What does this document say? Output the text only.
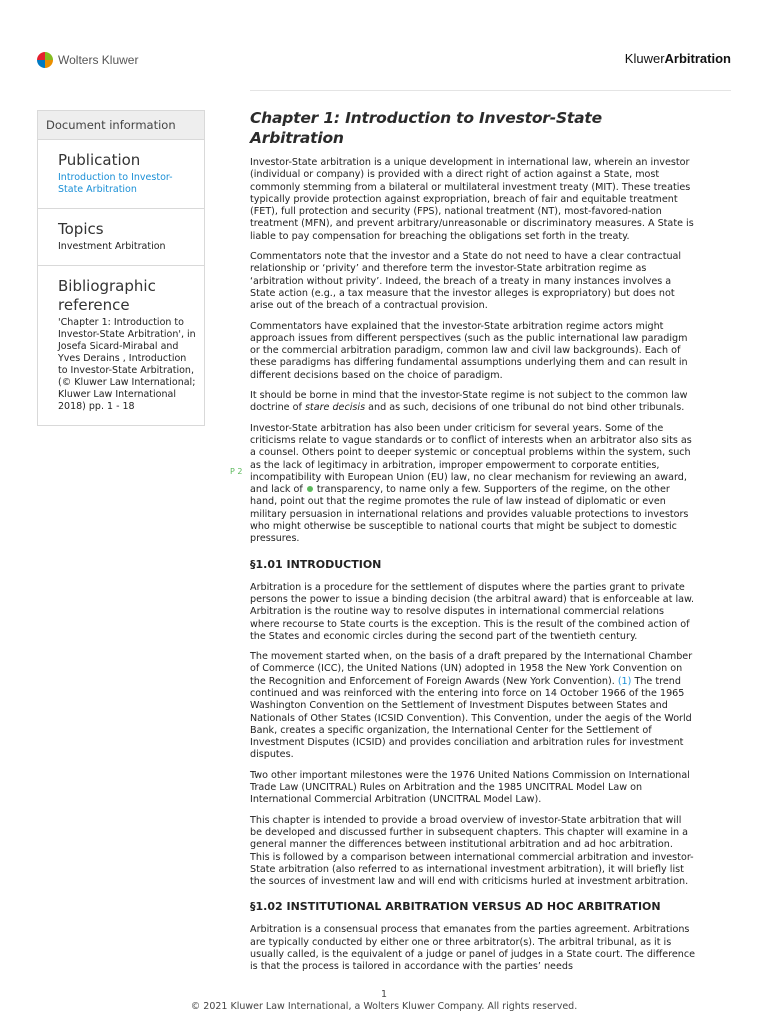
Wolters Kluwer	KluwerArbitration
Document information
Publication
Introduction to Investor-State Arbitration
Topics
Investment Arbitration
Bibliographic reference
'Chapter 1: Introduction to Investor-State Arbitration', in Josefa Sicard-Mirabal and Yves Derains , Introduction to Investor-State Arbitration, (© Kluwer Law International; Kluwer Law International 2018) pp. 1 - 18
P 2
Chapter 1: Introduction to Investor-State Arbitration

Investor-State arbitration is a unique development in international law, wherein an investor (individual or company) is provided with a direct right of action against a State, most commonly stemming from a bilateral or multilateral investment treaty (MIT). These treaties typically provide protection against expropriation, breach of fair and equitable treatment (FET), full protection and security (FPS), national treatment (NT), most-favored-nation treatment (MFN), and prevent arbitrary/unreasonable or discriminatory measures. A State is liable to pay compensation for breaching the obligations set forth in the treaty.

Commentators note that the investor and a State do not need to have a clear contractual relationship or ‘privity’ and therefore term the investor-State arbitration regime as ‘arbitration without privity’. Indeed, the breach of a treaty in many instances involves a State action (e.g., a tax measure that the investor alleges is expropriatory) but does not arise out of the breach of a contractual provision.

Commentators have explained that the investor-State arbitration regime actors might approach issues from different perspectives (such as the public international law paradigm or the commercial arbitration paradigm, common law and civil law backgrounds). Each of these paradigms has differing fundamental assumptions underlying them and can result in different decisions based on the choice of paradigm.

It should be borne in mind that the investor-State regime is not subject to the common law doctrine of stare decisis and as such, decisions of one tribunal do not bind other tribunals.

Investor-State arbitration has also been under criticism for several years. Some of the criticisms relate to vague standards or to conflict of interests when an arbitrator also sits as a counsel. Others point to deeper systemic or conceptual problems within the system, such as the lack of legitimacy in arbitration, improper empowerment to corporate entities, incompatibility with European Union (EU) law, no clear mechanism for reviewing an award, and lack of  transparency, to name only a few. Supporters of the regime, on the other hand, point out that the regime promotes the rule of law instead of diplomatic or even military persuasion in international relations and provides valuable protections to investors who might otherwise be susceptible to national courts that might be subject to domestic pressures.

§1.01 INTRODUCTION

Arbitration is a procedure for the settlement of disputes where the parties grant to private persons the power to issue a binding decision (the arbitral award) that is enforceable at law. Arbitration is the routine way to resolve disputes in international commercial relations where recourse to State courts is the exception. This is the result of the combined action of the States and economic circles during the second part of the twentieth century.

The movement started when, on the basis of a draft prepared by the International Chamber of Commerce (ICC), the United Nations (UN) adopted in 1958 the New York Convention on the Recognition and Enforcement of Foreign Awards (New York Convention). (1) The trend continued and was reinforced with the entering into force on 14 October 1966 of the 1965 Washington Convention on the Settlement of Investment Disputes between States and Nationals of Other States (ICSID Convention). This Convention, under the aegis of the World Bank, creates a specific organization, the International Center for the Settlement of Investment Disputes (ICSID) and provides conciliation and arbitration rules for investment disputes.

Two other important milestones were the 1976 United Nations Commission on International Trade Law (UNCITRAL) Rules on Arbitration and the 1985 UNCITRAL Model Law on International Commercial Arbitration (UNCITRAL Model Law).

This chapter is intended to provide a broad overview of investor-State arbitration that will be developed and discussed further in subsequent chapters. This chapter will examine in a general manner the differences between institutional arbitration and ad hoc arbitration. This is followed by a comparison between international commercial arbitration and investor-State arbitration (also referred to as international investment arbitration), it will briefly list the sources of investment law and will end with criticisms hurled at investment arbitration.

§1.02 INSTITUTIONAL ARBITRATION VERSUS AD HOC ARBITRATION

Arbitration is a consensual process that emanates from the parties agreement. Arbitrations are typically conducted by either one or three arbitrator(s). The arbitral tribunal, as it is usually called, is the equivalent of a judge or panel of judges in a State court. The difference is that the process is tailored in accordance with the parties’ needs

1
© 2021 Kluwer Law International, a Wolters Kluwer Company. All rights reserved.
